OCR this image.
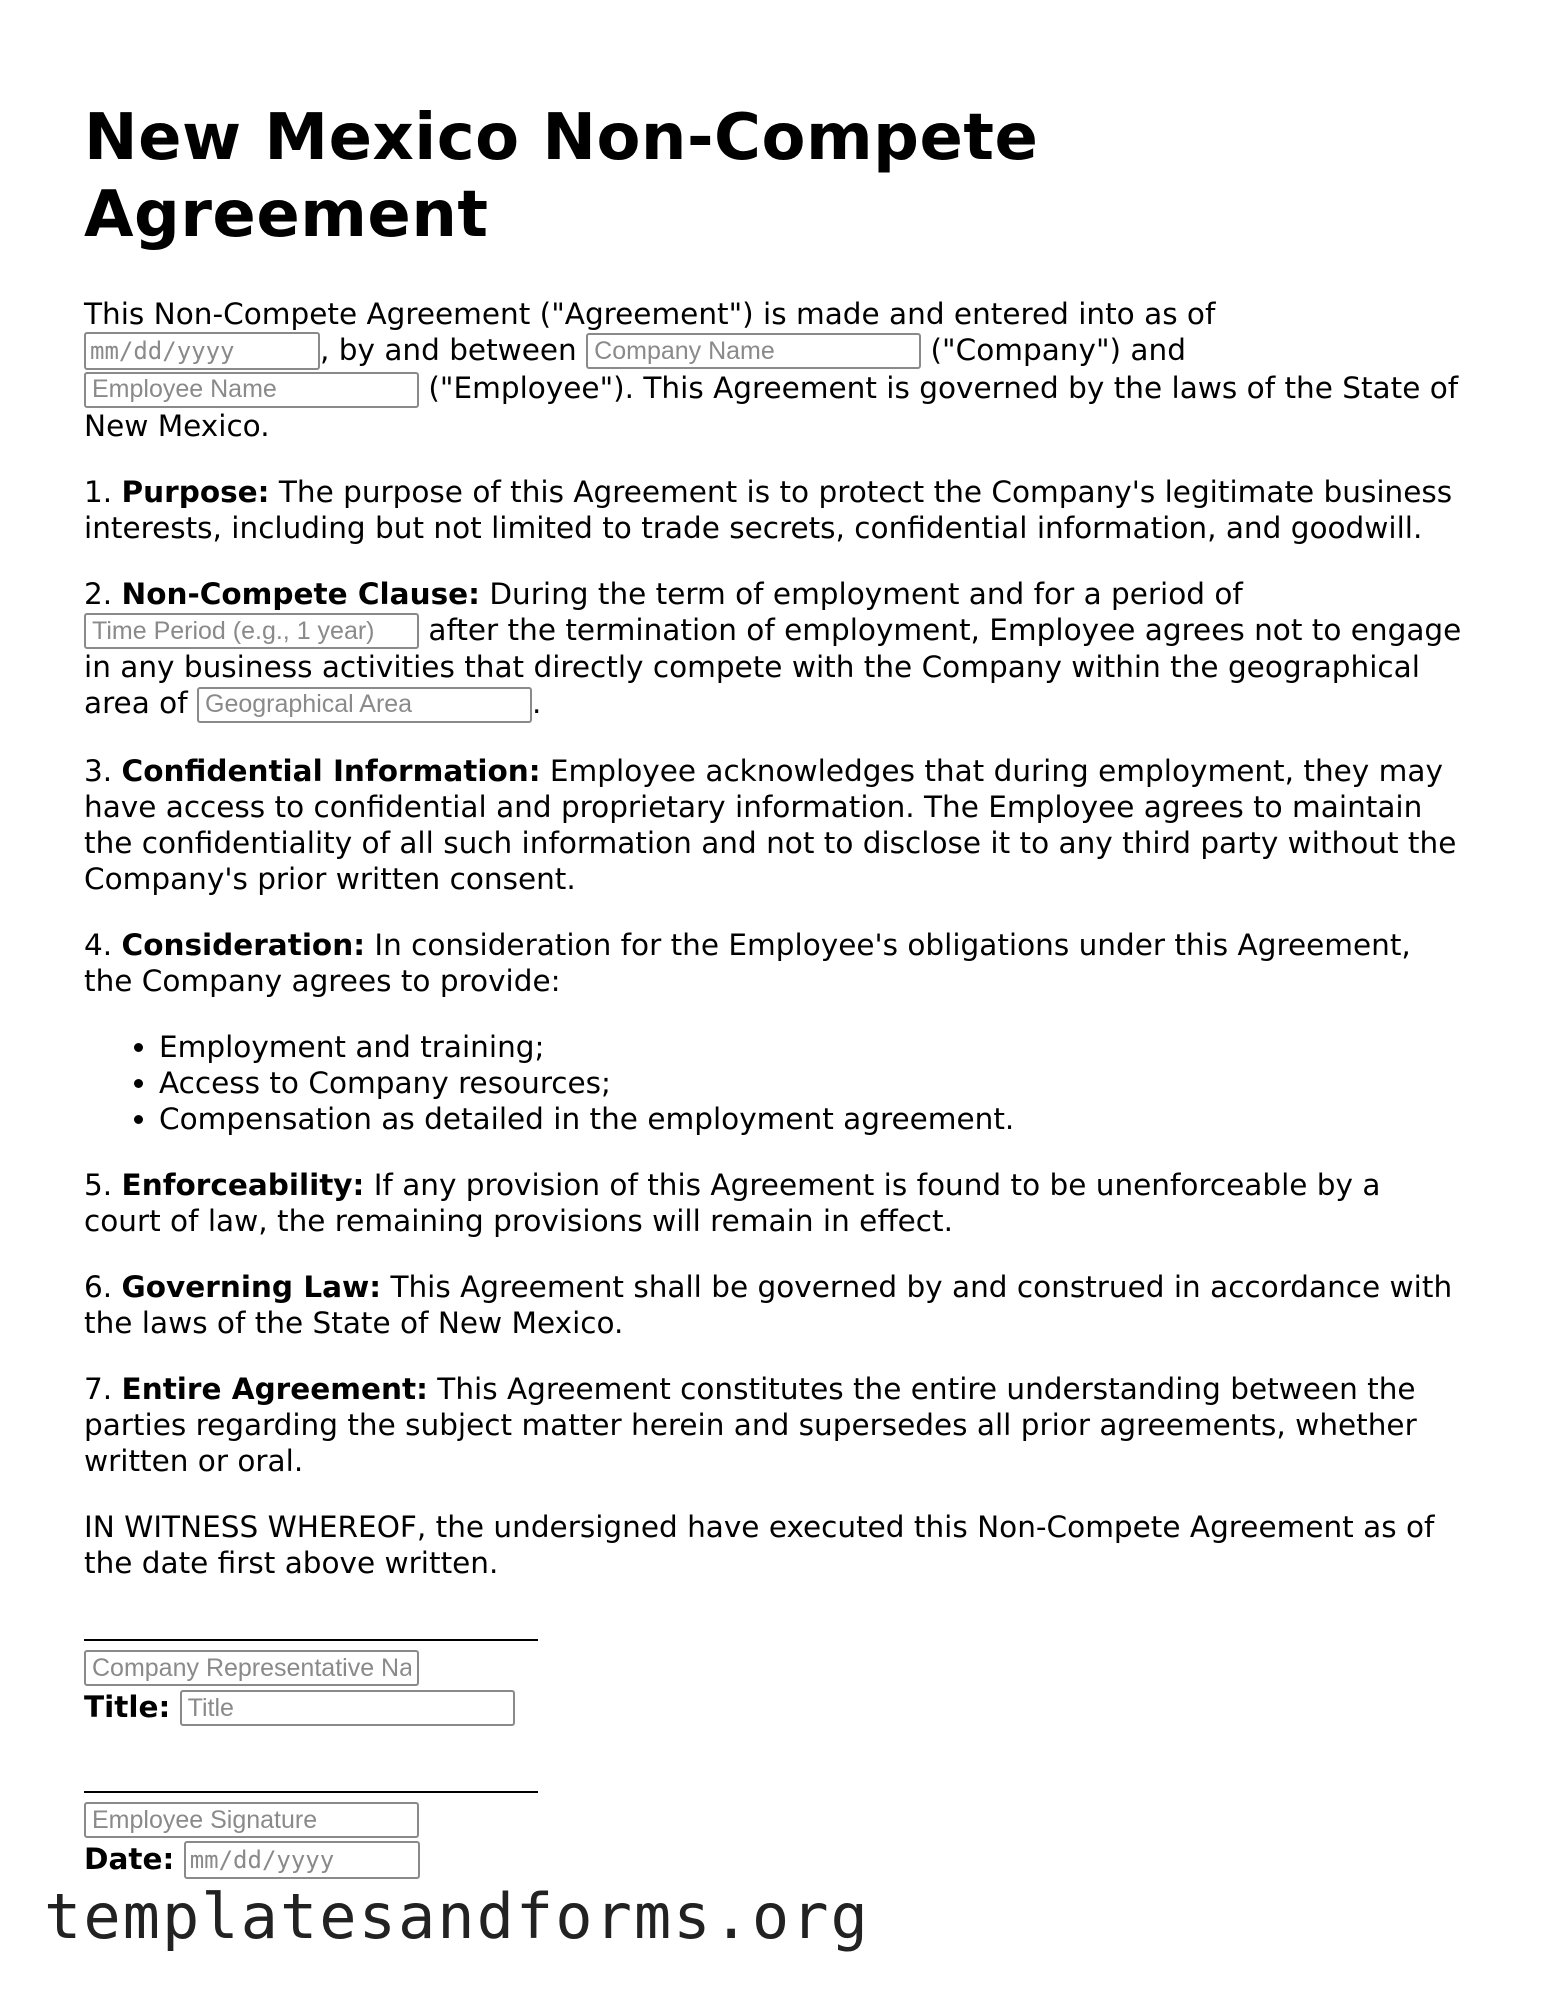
New Mexico Non-Compete Agreement

This Non-Compete Agreement ("Agreement") is made and entered into as of
mm/dd/yyyy, by and between Company Name	("Company") and
Employee Name ("Employee"). This Agreement is governed by the laws of the State of New Mexico.

1. Purpose: The purpose of this Agreement is to protect the Company's legitimate business interests, including but not limited to trade secrets, confidential information, and goodwill.

2. Non-Compete Clause: During the term of employment and for a period of
Time Period (e.g., 1 year) after the termination of employment, Employee agrees not to engage in any business activities that directly compete with the Company within the geographical area of Geographical Area	.

3. Confidential Information: Employee acknowledges that during employment, they may have access to confidential and proprietary information. The Employee agrees to maintain the confidentiality of all such information and not to disclose it to any third party without the Company's prior written consent.

4. Consideration: In consideration for the Employee's obligations under this Agreement, the Company agrees to provide:

• Employment and training;
• Access to Company resources;
• Compensation as detailed in the employment agreement.

5. Enforceability: If any provision of this Agreement is found to be unenforceable by a court of law, the remaining provisions will remain in effect.

6. Governing Law: This Agreement shall be governed by and construed in accordance with the laws of the State of New Mexico.

7. Entire Agreement: This Agreement constitutes the entire understanding between the parties regarding the subject matter herein and supersedes all prior agreements, whether written or oral.

IN WITNESS WHEREOF, the undersigned have executed this Non-Compete Agreement as of the date first above written.

Company Representative Name
Title: Title
Employee Signature
Date: mm/dd/yyyy
templatesandforms.org
